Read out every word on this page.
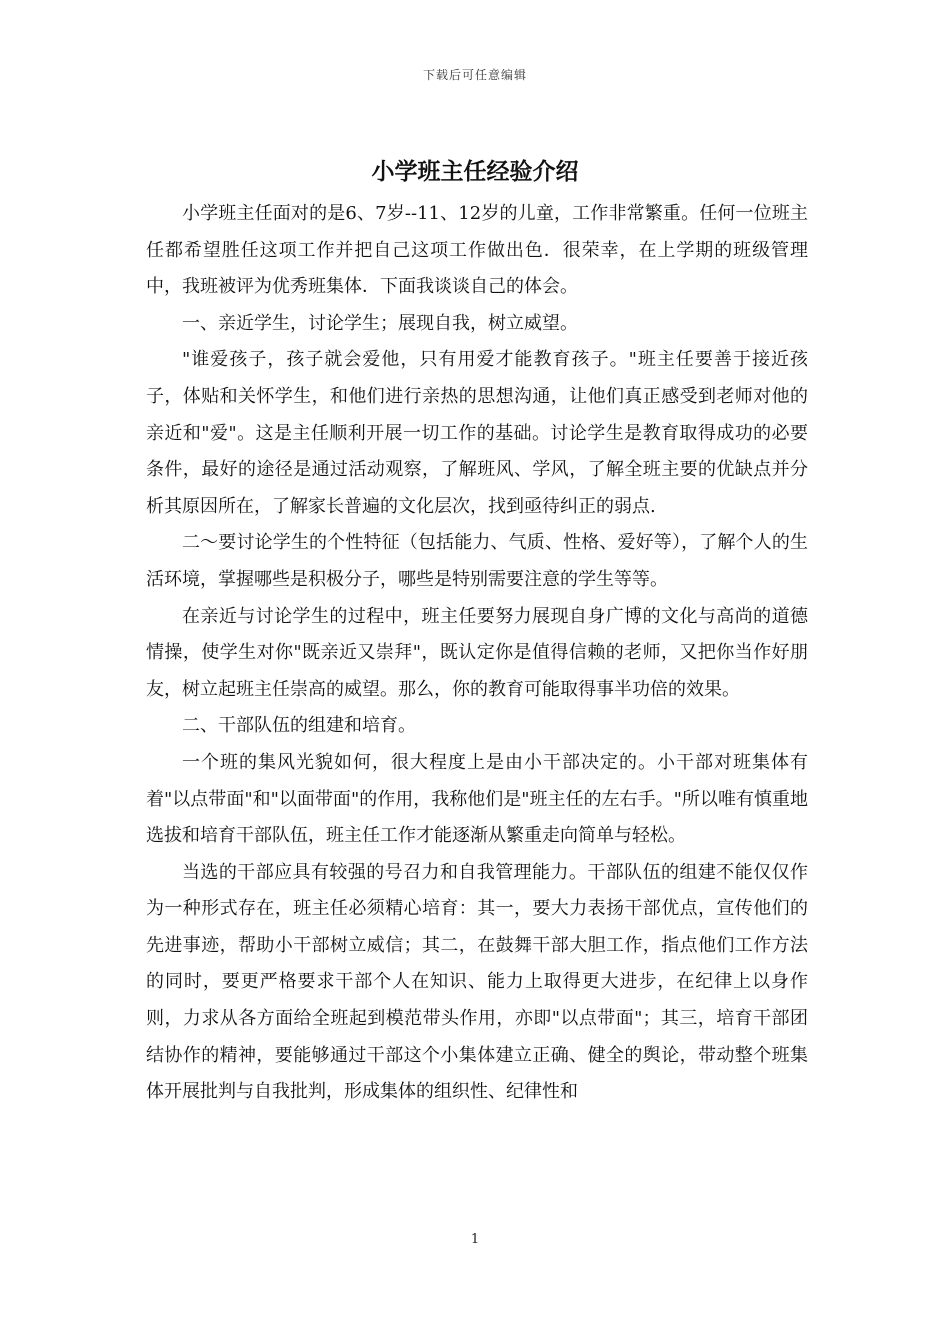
下载后可任意编辑
小学班主任经验介绍

小学班主任面对的是6、7岁--11、12岁的儿童，工作非常繁重。任何一位班主任都希望胜任这项工作并把自己这项工作做出色．很荣幸，在上学期的班级管理中，我班被评为优秀班集体．下面我谈谈自己的体会。

一、亲近学生，讨论学生；展现自我，树立威望。

"谁爱孩子，孩子就会爱他，只有用爱才能教育孩子。"班主任要善于接近孩子，体贴和关怀学生，和他们进行亲热的思想沟通，让他们真正感受到老师对他的亲近和"爱"。这是主任顺利开展一切工作的基础。讨论学生是教育取得成功的必要条件，最好的途径是通过活动观察，了解班风、学风，了解全班主要的优缺点并分析其原因所在，了解家长普遍的文化层次，找到亟待纠正的弱点.

二～要讨论学生的个性特征（包括能力、气质、性格、爱好等），了解个人的生活环境，掌握哪些是积极分子，哪些是特别需要注意的学生等等。

在亲近与讨论学生的过程中，班主任要努力展现自身广博的文化与高尚的道德情操，使学生对你"既亲近又崇拜"，既认定你是值得信赖的老师，又把你当作好朋友，树立起班主任崇高的威望。那么，你的教育可能取得事半功倍的效果。

二、干部队伍的组建和培育。

一个班的集风光貌如何，很大程度上是由小干部决定的。小干部对班集体有着"以点带面"和"以面带面"的作用，我称他们是"班主任的左右手。"所以唯有慎重地选拔和培育干部队伍，班主任工作才能逐渐从繁重走向简单与轻松。

当选的干部应具有较强的号召力和自我管理能力。干部队伍的组建不能仅仅作为一种形式存在，班主任必须精心培育：其一，要大力表扬干部优点，宣传他们的先进事迹，帮助小干部树立威信；其二，在鼓舞干部大胆工作，指点他们工作方法的同时，要更严格要求干部个人在知识、能力上取得更大进步，在纪律上以身作则，力求从各方面给全班起到模范带头作用，亦即"以点带面"；其三，培育干部团结协作的精神，要能够通过干部这个小集体建立正确、健全的舆论，带动整个班集体开展批判与自我批判，形成集体的组织性、纪律性和

1
